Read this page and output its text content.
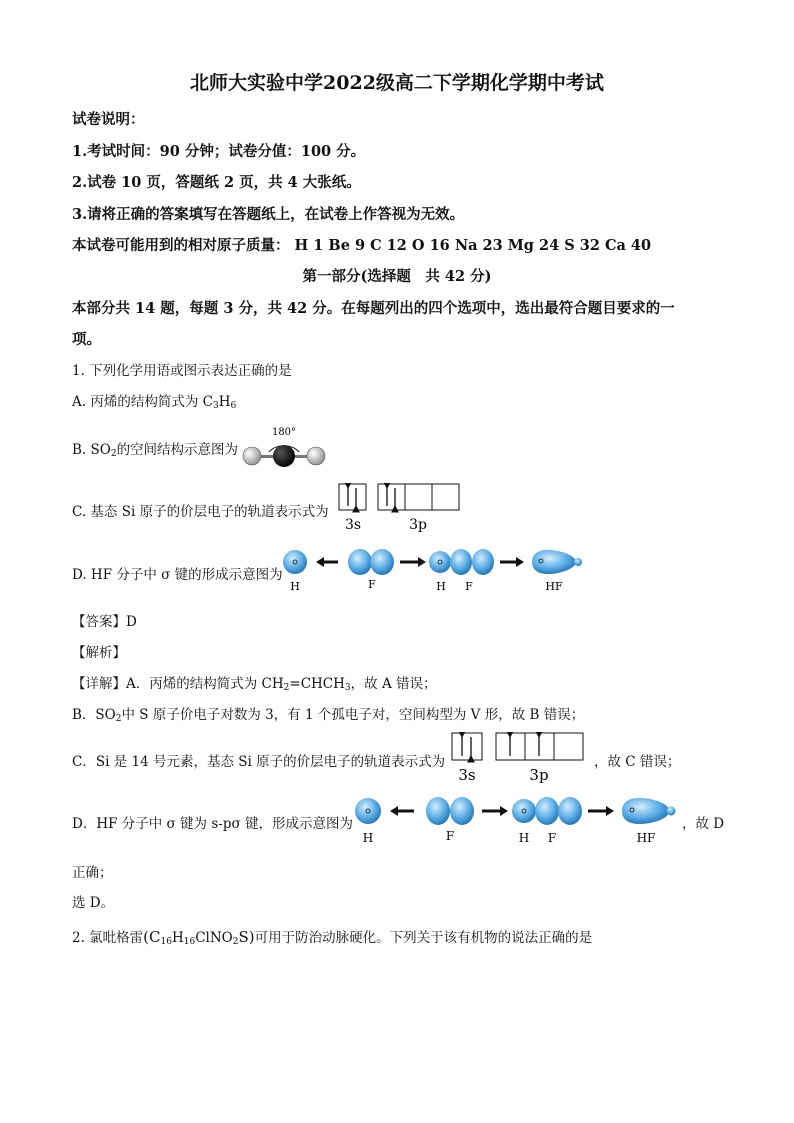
北师大实验中学2022级高二下学期化学期中考试
试卷说明：
1.考试时间：90 分钟；试卷分值：100 分。
2.试卷 10 页，答题纸 2 页，共 4 大张纸。
3.请将正确的答案填写在答题纸上，在试卷上作答视为无效。
本试卷可能用到的相对原子质量： H 1 Be 9 C 12 O 16 Na 23 Mg 24 S 32 Ca 40
第一部分(选择题　共 42 分)
本部分共 14 题，每题 3 分，共 42 分。在每题列出的四个选项中，选出最符合题目要求的一
项。
1. 下列化学用语或图示表达正确的是
A. 丙烯的结构简式为 $C_3H_6$
B. $SO_2$的空间结构示意图为
180°
C. 基态 Si 原子的价层电子的轨道表示式为
3s	3p
D. HF 分子中 σ 键的形成示意图为
H	F	H F	HF
【答案】D
【解析】
【详解】A．丙烯的结构简式为 $CH_2=CHCH_3$，故 A 错误；
B．$SO_2$中 S 原子价电子对数为 3，有 1 个孤电子对，空间构型为 V 形，故 B 错误；
C．Si 是 14 号元素，基态 Si 原子的价层电子的轨道表示式为
3s	3p
，故 C 错误；
D．HF 分子中 σ 键为 s-pσ 键，形成示意图为
H	F	H F	HF
，故 D
正确；
选 D。
2. 氯吡格雷$(C_{16}H_{16}ClNO_2S)$可用于防治动脉硬化。下列关于该有机物的说法正确的是
